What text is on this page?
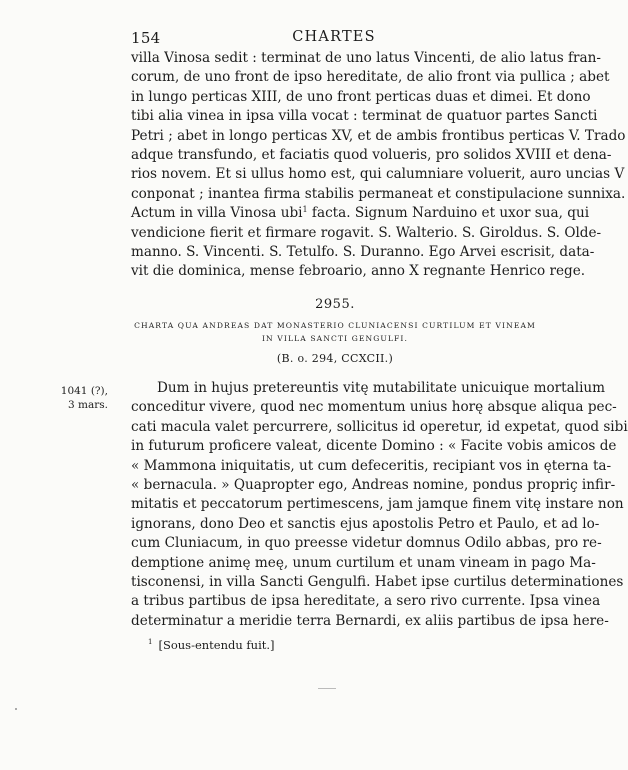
154	CHARTES
villa Vinosa sedit : terminat de uno latus Vincenti, de alio latus fran-
corum, de uno front de ipso hereditate, de alio front via pullica ; abet
in lungo perticas XIII, de uno front perticas duas et dimei. Et dono
tibi alia vinea in ipsa villa vocat : terminat de quatuor partes Sancti
Petri ; abet in longo perticas XV, et de ambis frontibus perticas V. Trado
adque transfundo, et faciatis quod volueris, pro solidos XVIII et dena-
rios novem. Et si ullus homo est, qui calumniare voluerit, auro uncias V
conponat ; inantea firma stabilis permaneat et constipulacione sunnixa.
Actum in villa Vinosa ubi$^1$ facta. Signum Narduino et uxor sua, qui
vendicione fierit et firmare rogavit. S. Walterio. S. Giroldus. S. Olde-
manno. S. Vincenti. S. Tetulfo. S. Duranno. Ego Arvei escrisit, data-
vit die dominica, mense febroario, anno X regnante Henrico rege.
2955.
CHARTA QUA ANDREAS DAT MONASTERIO CLUNIACENSI CURTILUM ET VINEAM
IN VILLA SANCTI GENGULFI.
(B. o. 294, CCXCII.)
1041 (?),
3 mars.
Dum in hujus pretereuntis vitę mutabilitate unicuique mortalium
conceditur vivere, quod nec momentum unius horę absque aliqua pec-
cati macula valet percurrere, sollicitus id operetur, id expetat, quod sibi
in futurum proficere valeat, dicente Domino : « Facite vobis amicos de
« Mammona iniquitatis, ut cum defeceritis, recipiant vos in ęterna ta-
« bernacula. » Quapropter ego, Andreas nomine, pondus propriç infir-
mitatis et peccatorum pertimescens, jam jamque finem vitę instare non
ignorans, dono Deo et sanctis ejus apostolis Petro et Paulo, et ad lo-
cum Cluniacum, in quo preesse videtur domnus Odilo abbas, pro re-
demptione animę meę, unum curtilum et unam vineam in pago Ma-
tisconensi, in villa Sancti Gengulfi. Habet ipse curtilus determinationes
a tribus partibus de ipsa hereditate, a sero rivo currente. Ipsa vinea
determinatur a meridie terra Bernardi, ex aliis partibus de ipsa here-
$^1$ [Sous-entendu fuit.]
